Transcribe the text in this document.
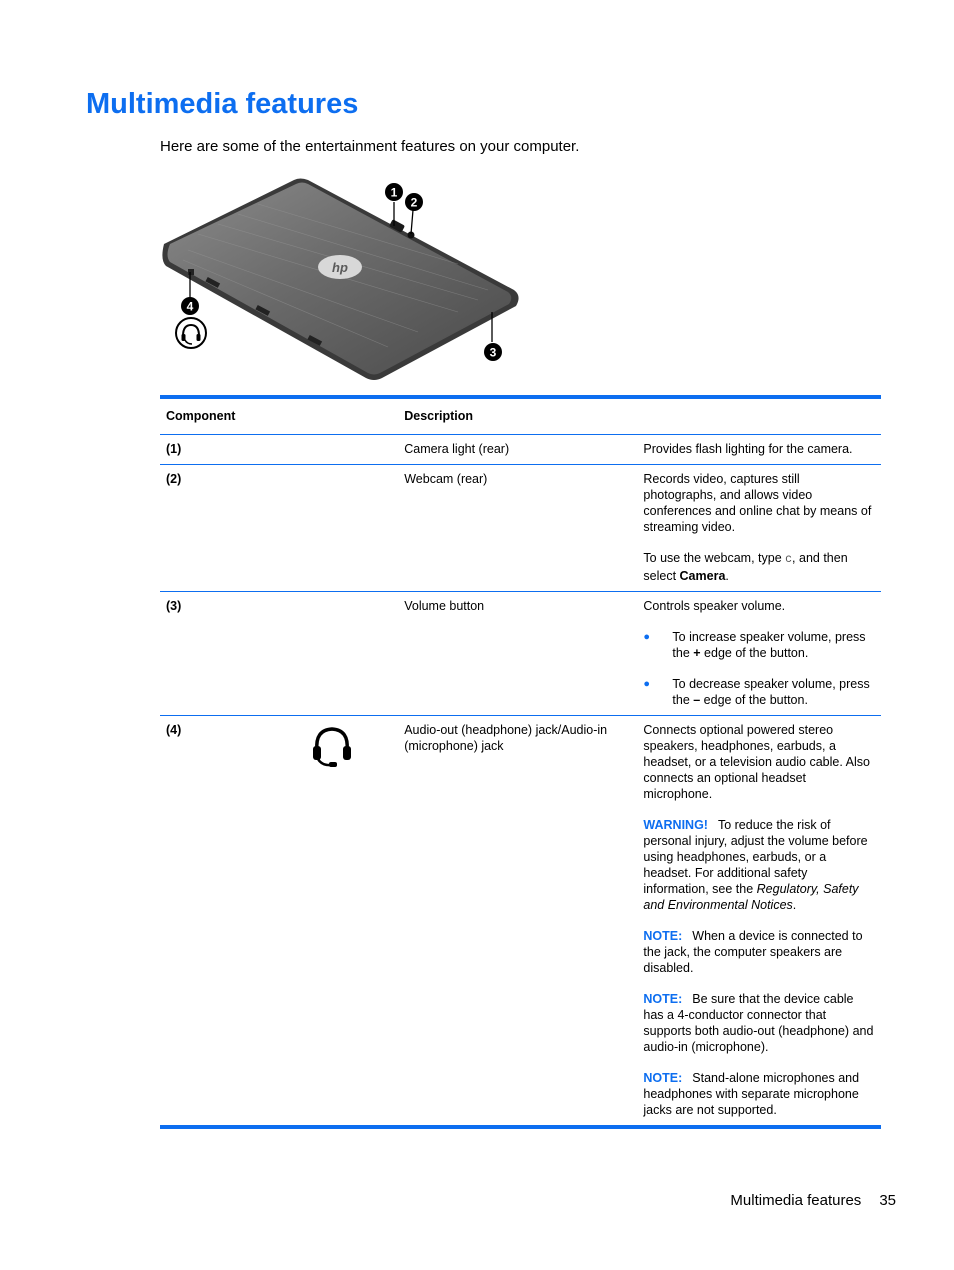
Multimedia features

Here are some of the entertainment features on your computer.

hp
1
2
3
4
Component		Description	
(1)		Camera light (rear)	Provides flash lighting for the camera.

(2)		Webcam (rear)	Records video, captures still photographs, and allows video conferences and online chat by means of streaming video.

To use the webcam, type c, and then select Camera.

(3)		Volume button	Controls speaker volume.

● To increase speaker volume, press the + edge of the button.
● To decrease speaker volume, press the – edge of the button.

(4)		Audio-out (headphone) jack/Audio-in (microphone) jack	Connects optional powered stereo speakers, headphones, earbuds, a headset, or a television audio cable. Also connects an optional headset microphone.

WARNING! To reduce the risk of personal injury, adjust the volume before using headphones, earbuds, or a headset. For additional safety information, see the Regulatory, Safety and Environmental Notices.

NOTE: When a device is connected to the jack, the computer speakers are disabled.

NOTE: Be sure that the device cable has a 4-conductor connector that supports both audio-out (headphone) and audio-in (microphone).

NOTE: Stand-alone microphones and headphones with separate microphone jacks are not supported.

Multimedia features 35
